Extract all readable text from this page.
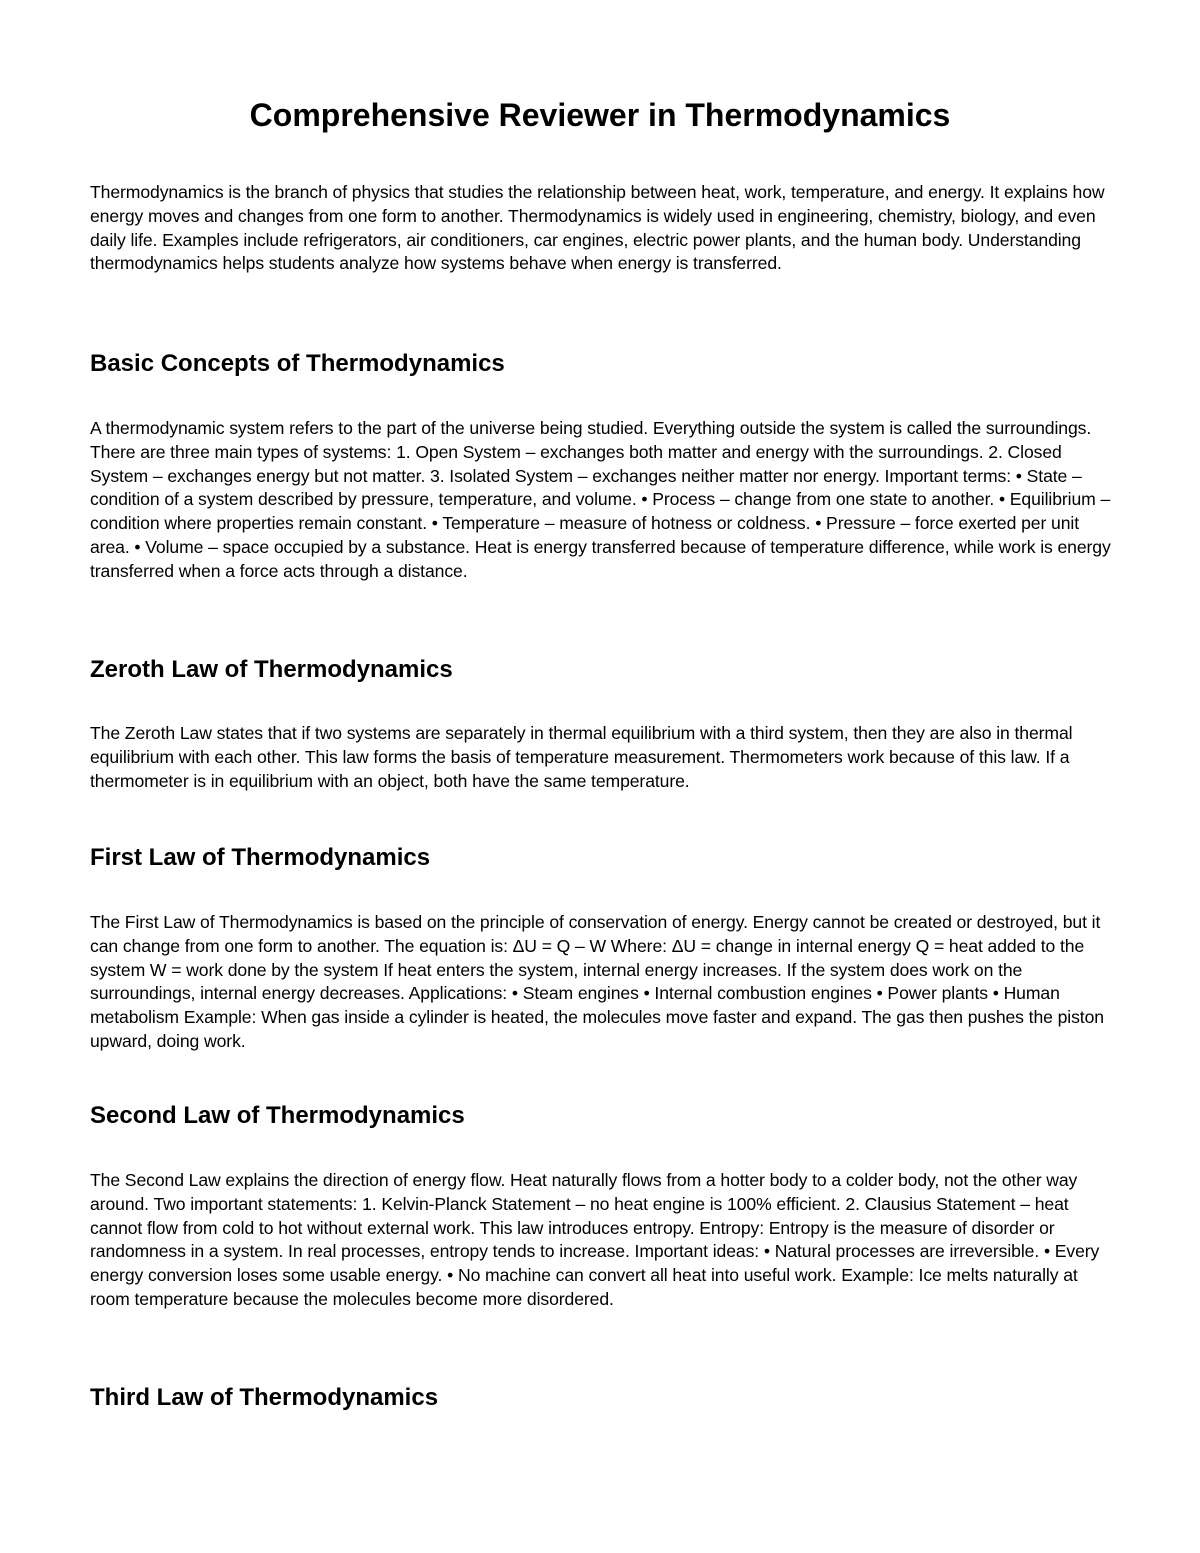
Comprehensive Reviewer in Thermodynamics

Thermodynamics is the branch of physics that studies the relationship between heat, work, temperature, and energy. It explains how energy moves and changes from one form to another. Thermodynamics is widely used in engineering, chemistry, biology, and even daily life. Examples include refrigerators, air conditioners, car engines, electric power plants, and the human body. Understanding thermodynamics helps students analyze how systems behave when energy is transferred.

Basic Concepts of Thermodynamics

A thermodynamic system refers to the part of the universe being studied. Everything outside the system is called the surroundings. There are three main types of systems: 1. Open System – exchanges both matter and energy with the surroundings. 2. Closed System – exchanges energy but not matter. 3. Isolated System – exchanges neither matter nor energy. Important terms: • State – condition of a system described by pressure, temperature, and volume. • Process – change from one state to another. • Equilibrium – condition where properties remain constant. • Temperature – measure of hotness or coldness. • Pressure – force exerted per unit area. • Volume – space occupied by a substance. Heat is energy transferred because of temperature difference, while work is energy transferred when a force acts through a distance.

Zeroth Law of Thermodynamics

The Zeroth Law states that if two systems are separately in thermal equilibrium with a third system, then they are also in thermal equilibrium with each other. This law forms the basis of temperature measurement. Thermometers work because of this law. If a thermometer is in equilibrium with an object, both have the same temperature.

First Law of Thermodynamics

The First Law of Thermodynamics is based on the principle of conservation of energy. Energy cannot be created or destroyed, but it can change from one form to another. The equation is: ΔU = Q – W Where: ΔU = change in internal energy Q = heat added to the system W = work done by the system If heat enters the system, internal energy increases. If the system does work on the surroundings, internal energy decreases. Applications: • Steam engines • Internal combustion engines • Power plants • Human metabolism Example: When gas inside a cylinder is heated, the molecules move faster and expand. The gas then pushes the piston upward, doing work.

Second Law of Thermodynamics

The Second Law explains the direction of energy flow. Heat naturally flows from a hotter body to a colder body, not the other way around. Two important statements: 1. Kelvin-Planck Statement – no heat engine is 100% efficient. 2. Clausius Statement – heat cannot flow from cold to hot without external work. This law introduces entropy. Entropy: Entropy is the measure of disorder or randomness in a system. In real processes, entropy tends to increase. Important ideas: • Natural processes are irreversible. • Every energy conversion loses some usable energy. • No machine can convert all heat into useful work. Example: Ice melts naturally at room temperature because the molecules become more disordered.

Third Law of Thermodynamics
